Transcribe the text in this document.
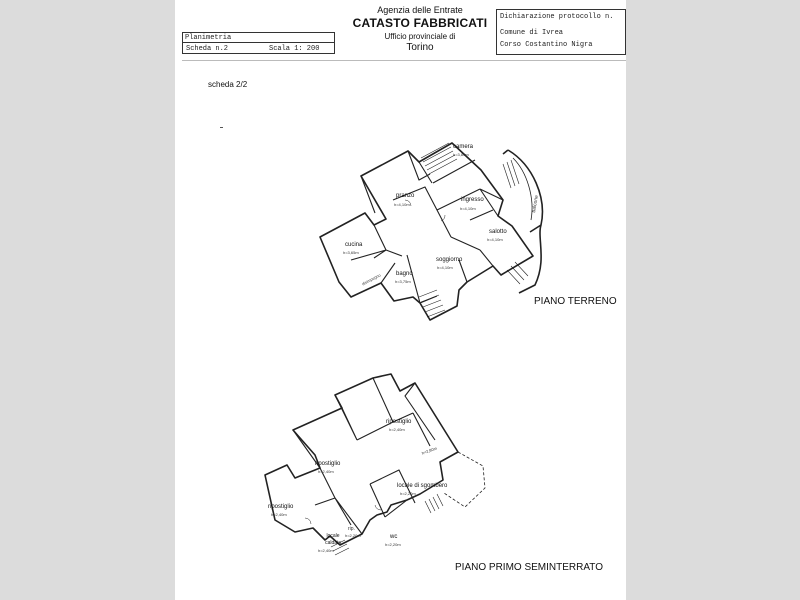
Planimetria
Scheda n.2	Scala 1: 200
Agenzia delle Entrate
CATASTO FABBRICATI
Ufficio provinciale di
Torino
Dichiarazione protocollo n.
Comune di Ivrea
Corso Costantino Nigra
scheda 2/2
camera
h=3,80m
pranzo
h=4,10m
ingresso
h=4,10m
salotto
h=4,10m
cucina
h=3,65m
soggiorno
h=4,10m
bagno
h=3,75m
balcone
disimpegno
PIANO TERRENO
ripostiglio
h=2,40m
ripostiglio
h=2,40m
ripostiglio
h=2,40m
locale di sgombero
h=2,20m
rip.
h=2,20m
locale caldaia
h=2,40m
wc
h=2,20m
h=2,80m
PIANO PRIMO SEMINTERRATO
